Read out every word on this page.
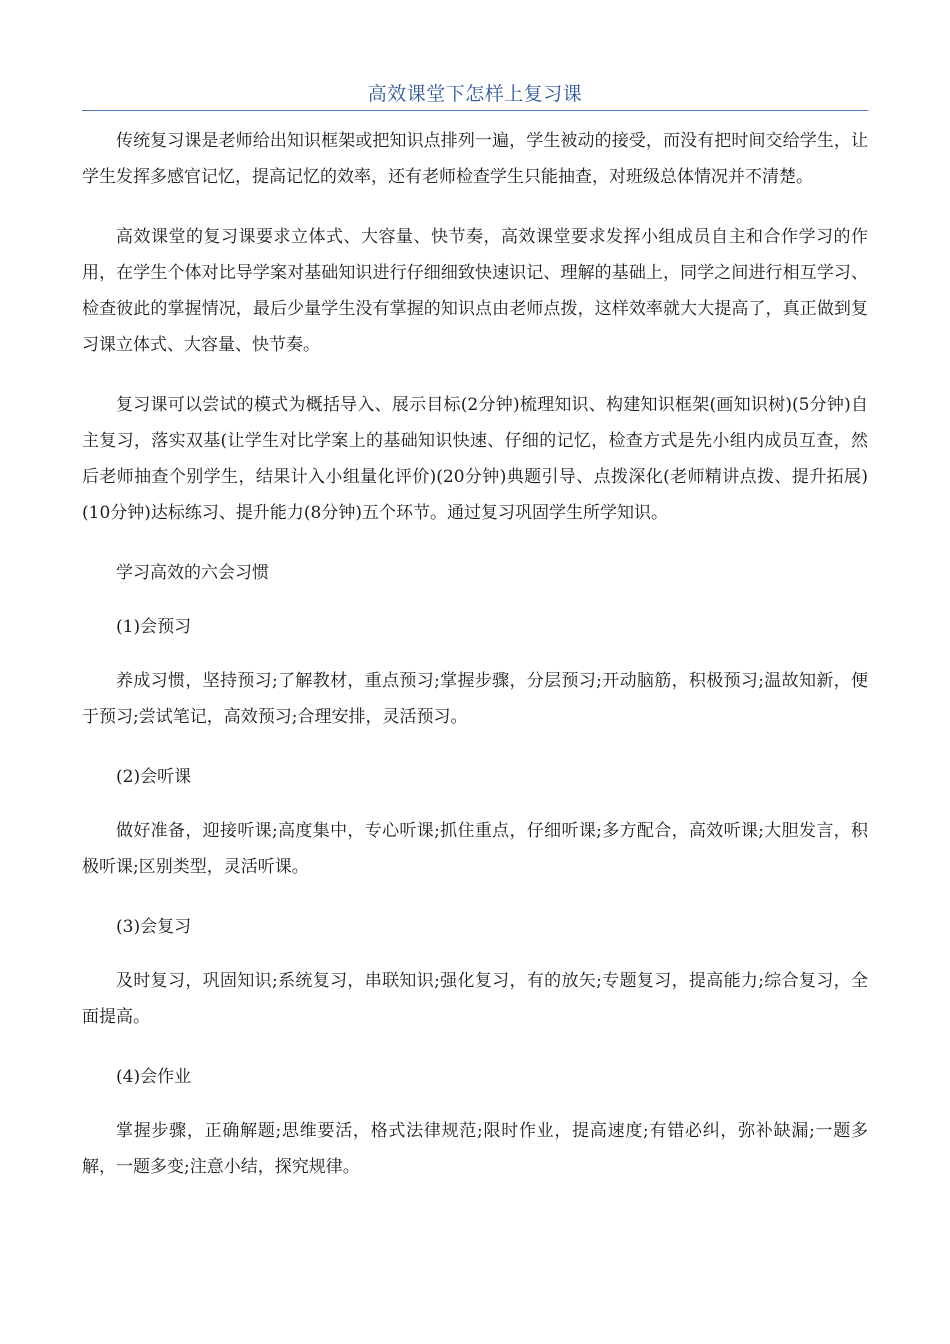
高效课堂下怎样上复习课

传统复习课是老师给出知识框架或把知识点排列一遍，学生被动的接受，而没有把时间交给学生，让学生发挥多感官记忆，提高记忆的效率，还有老师检查学生只能抽查，对班级总体情况并不清楚。

高效课堂的复习课要求立体式、大容量、快节奏，高效课堂要求发挥小组成员自主和合作学习的作用，在学生个体对比导学案对基础知识进行仔细细致快速识记、理解的基础上，同学之间进行相互学习、检查彼此的掌握情况，最后少量学生没有掌握的知识点由老师点拨，这样效率就大大提高了，真正做到复习课立体式、大容量、快节奏。

复习课可以尝试的模式为概括导入、展示目标(2分钟)梳理知识、构建知识框架(画知识树)(5分钟)自主复习，落实双基(让学生对比学案上的基础知识快速、仔细的记忆，检查方式是先小组内成员互查，然后老师抽查个别学生，结果计入小组量化评价)(20分钟)典题引导、点拨深化(老师精讲点拨、提升拓展)(10分钟)达标练习、提升能力(8分钟)五个环节。通过复习巩固学生所学知识。

学习高效的六会习惯

(1)会预习

养成习惯，坚持预习;了解教材，重点预习;掌握步骤，分层预习;开动脑筋，积极预习;温故知新，便于预习;尝试笔记，高效预习;合理安排，灵活预习。

(2)会听课

做好准备，迎接听课;高度集中，专心听课;抓住重点，仔细听课;多方配合，高效听课;大胆发言，积极听课;区别类型，灵活听课。

(3)会复习

及时复习，巩固知识;系统复习，串联知识;强化复习，有的放矢;专题复习，提高能力;综合复习，全面提高。

(4)会作业

掌握步骤，正确解题;思维要活，格式法律规范;限时作业，提高速度;有错必纠，弥补缺漏;一题多解，一题多变;注意小结，探究规律。
